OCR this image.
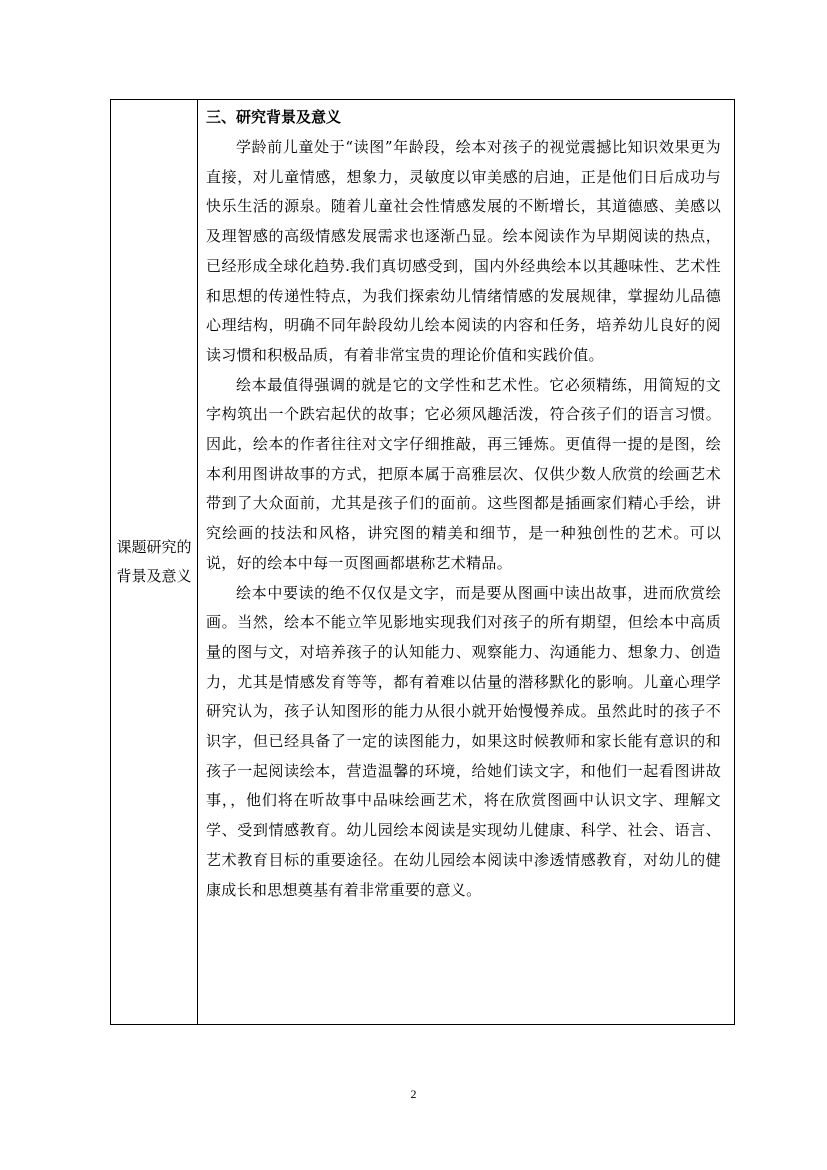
课题研究的背景及意义
三、研究背景及意义

学龄前儿童处于“读图”年龄段，绘本对孩子的视觉震撼比知识效果更为直接，对儿童情感，想象力，灵敏度以审美感的启迪，正是他们日后成功与快乐生活的源泉。随着儿童社会性情感发展的不断增长，其道德感、美感以及理智感的高级情感发展需求也逐渐凸显。绘本阅读作为早期阅读的热点，已经形成全球化趋势.我们真切感受到，国内外经典绘本以其趣味性、艺术性和思想的传递性特点，为我们探索幼儿情绪情感的发展规律，掌握幼儿品德心理结构，明确不同年龄段幼儿绘本阅读的内容和任务，培养幼儿良好的阅读习惯和积极品质，有着非常宝贵的理论价值和实践价值。

绘本最值得强调的就是它的文学性和艺术性。它必须精练，用简短的文字构筑出一个跌宕起伏的故事；它必须风趣活泼，符合孩子们的语言习惯。因此，绘本的作者往往对文字仔细推敲，再三锤炼。更值得一提的是图，绘本利用图讲故事的方式，把原本属于高雅层次、仅供少数人欣赏的绘画艺术带到了大众面前，尤其是孩子们的面前。这些图都是插画家们精心手绘，讲究绘画的技法和风格，讲究图的精美和细节，是一种独创性的艺术。可以说，好的绘本中每一页图画都堪称艺术精品。

绘本中要读的绝不仅仅是文字，而是要从图画中读出故事，进而欣赏绘画。当然，绘本不能立竿见影地实现我们对孩子的所有期望，但绘本中高质量的图与文，对培养孩子的认知能力、观察能力、沟通能力、想象力、创造力，尤其是情感发育等等，都有着难以估量的潜移默化的影响。儿童心理学研究认为，孩子认知图形的能力从很小就开始慢慢养成。虽然此时的孩子不识字，但已经具备了一定的读图能力，如果这时候教师和家长能有意识的和孩子一起阅读绘本，营造温馨的环境，给她们读文字，和他们一起看图讲故事，，他们将在听故事中品味绘画艺术，将在欣赏图画中认识文字、理解文学、受到情感教育。幼儿园绘本阅读是实现幼儿健康、科学、社会、语言、艺术教育目标的重要途径。在幼儿园绘本阅读中渗透情感教育，对幼儿的健康成长和思想奠基有着非常重要的意义。

2
